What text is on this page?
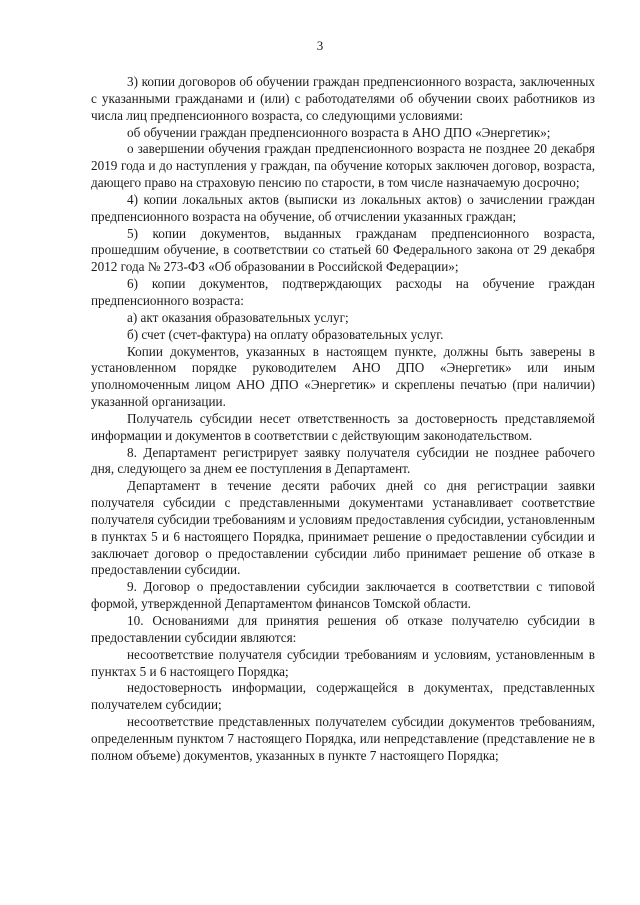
3

3) копии договоров об обучении граждан предпенсионного возраста, заключенных с указанными гражданами и (или) с работодателями об обучении своих работников из числа лиц предпенсионного возраста, со следующими условиями:

об обучении граждан предпенсионного возраста в АНО ДПО «Энергетик»;

о завершении обучения граждан предпенсионного возраста не позднее 20 декабря 2019 года и до наступления у граждан, па обучение которых заключен договор, возраста, дающего право на страховую пенсию по старости, в том числе назначаемую досрочно;

4) копии локальных актов (выписки из локальных актов) о зачислении граждан предпенсионного возраста на обучение, об отчислении указанных граждан;

5) копии документов, выданных гражданам предпенсионного возраста, прошедшим обучение, в соответствии со статьей 60 Федерального закона от 29 декабря 2012 года № 273-ФЗ «Об образовании в Российской Федерации»;

6) копии документов, подтверждающих расходы на обучение граждан предпенсионного возраста:

а) акт оказания образовательных услуг;

б) счет (счет-фактура) на оплату образовательных услуг.

Копии документов, указанных в настоящем пункте, должны быть заверены в установленном порядке руководителем АНО ДПО «Энергетик» или иным уполномоченным лицом АНО ДПО «Энергетик» и скреплены печатью (при наличии) указанной организации.

Получатель субсидии несет ответственность за достоверность представляемой информации и документов в соответствии с действующим законодательством.

8. Департамент регистрирует заявку получателя субсидии не позднее рабочего дня, следующего за днем ее поступления в Департамент.

Департамент в течение десяти рабочих дней со дня регистрации заявки получателя субсидии с представленными документами устанавливает соответствие получателя субсидии требованиям и условиям предоставления субсидии, установленным в пунктах 5 и 6 настоящего Порядка, принимает решение о предоставлении субсидии и заключает договор о предоставлении субсидии либо принимает решение об отказе в предоставлении субсидии.

9. Договор о предоставлении субсидии заключается в соответствии с типовой формой, утвержденной Департаментом финансов Томской области.

10. Основаниями для принятия решения об отказе получателю субсидии в предоставлении субсидии являются:

несоответствие получателя субсидии требованиям и условиям, установленным в пунктах 5 и 6 настоящего Порядка;

недостоверность информации, содержащейся в документах, представленных получателем субсидии;

несоответствие представленных получателем субсидии документов требованиям, определенным пунктом 7 настоящего Порядка, или непредставление (представление не в полном объеме) документов, указанных в пункте 7 настоящего Порядка;
